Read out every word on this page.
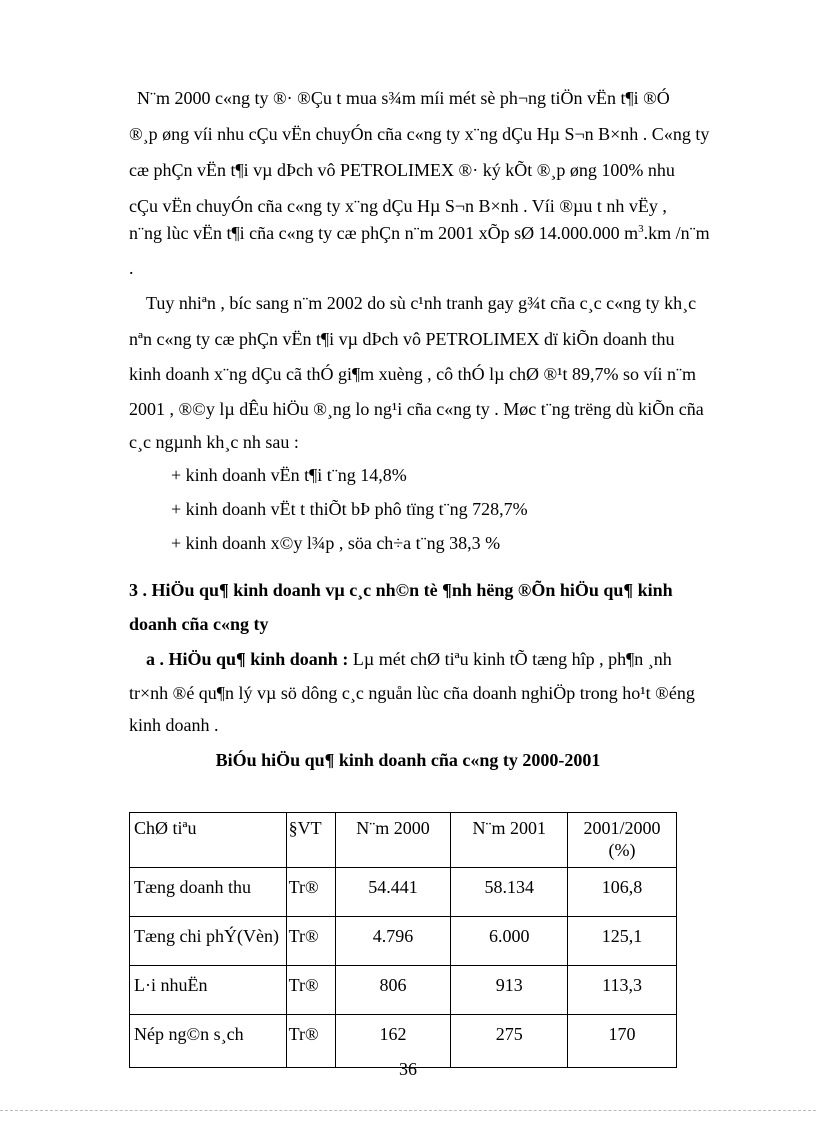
N¨m 2000 c«ng ty ®· ®Çu t mua s¾m míi mét sè ph¬ng tiÖn vËn t¶i ®Ó
®¸p øng víi nhu cÇu vËn chuyÓn cña c«ng ty x¨ng dÇu Hµ S¬n B×nh . C«ng ty
cæ phÇn vËn t¶i vµ dÞch vô PETROLIMEX ®· ký kÕt ®¸p øng 100% nhu
cÇu vËn chuyÓn cña c«ng ty x¨ng dÇu Hµ S¬n B×nh . Víi ®µu t nh vËy ,
n¨ng lùc vËn t¶i cña c«ng ty cæ phÇn n¨m 2001 xÕp sØ 14.000.000 $m^3.km$ /n¨m
.
Tuy nhiªn , bíc sang n¨m 2002 do sù c¹nh tranh gay g¾t cña c¸c c«ng ty kh¸c
nªn c«ng ty cæ phÇn vËn t¶i vµ dÞch vô PETROLIMEX dï kiÕn doanh thu
kinh doanh x¨ng dÇu cã thÓ gi¶m xuèng , cô thÓ lµ chØ ®¹t 89,7% so víi n¨m
2001 , ®©y lµ dÊu hiÖu ®¸ng lo ng¹i cña c«ng ty . Møc t¨ng trëng dù kiÕn cña
c¸c ngµnh kh¸c nh sau :
+ kinh doanh vËn t¶i t¨ng 14,8%
+ kinh doanh vËt t thiÕt bÞ phô tïng t¨ng 728,7%
+ kinh doanh x©y l¾p , söa ch÷a t¨ng 38,3 %
3 . HiÖu qu¶ kinh doanh vµ c¸c nh©n tè ¶nh hëng ®Õn hiÖu qu¶ kinh
doanh cña c«ng ty
a . HiÖu qu¶ kinh doanh : Lµ mét chØ tiªu kinh tÕ tæng hîp , ph¶n ¸nh
tr×nh ®é qu¶n lý vµ sö dông c¸c nguån lùc cña doanh nghiÖp trong ho¹t ®éng
kinh doanh .
BiÓu hiÖu qu¶ kinh doanh cña c«ng ty 2000-2001
ChØ tiªu	§VT	N¨m 2000	N¨m 2001	2001/2000
(%)

Tæng doanh thu	Tr®	54.441	58.134	106,8
Tæng chi phÝ(Vèn)	Tr®	4.796	6.000	125,1
L·i nhuËn	Tr®	806	913	113,3
Nép ng©n s¸ch	Tr®	162	275	170
36
